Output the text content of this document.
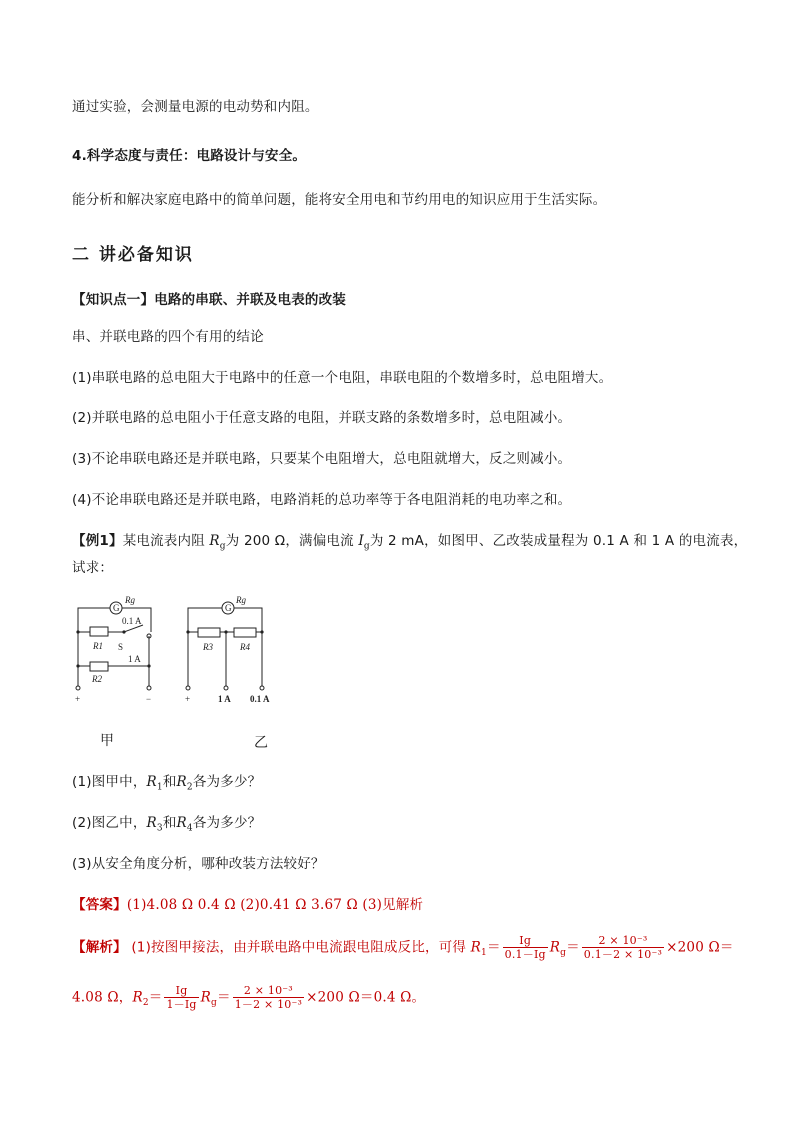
通过实验，会测量电源的电动势和内阻。
4.科学态度与责任：电路设计与安全。
能分析和解决家庭电路中的简单问题，能将安全用电和节约用电的知识应用于生活实际。
二 讲必备知识
【知识点一】电路的串联、并联及电表的改装
串、并联电路的四个有用的结论
(1)串联电路的总电阻大于电路中的任意一个电阻，串联电阻的个数增多时，总电阻增大。
(2)并联电路的总电阻小于任意支路的电阻，并联支路的条数增多时，总电阻减小。
(3)不论串联电路还是并联电路，只要某个电阻增大，总电阻就增大，反之则减小。
(4)不论串联电路还是并联电路，电路消耗的总功率等于各电阻消耗的电功率之和。
【例1】某电流表内阻 $R_g$为 200 Ω，满偏电流 $I_g$为 2 mA，如图甲、乙改装成量程为 0.1 A 和 1 A 的电流表，
试求：
G
Rg
R1
R2
0.1 A
S
1 A
+	−
G
Rg
R3	R4
+	1 A 0.1 A
甲	乙
(1)图甲中，$R_1$和$R_2$各为多少？
(2)图乙中，$R_3$和$R_4$各为多少？
(3)从安全角度分析，哪种改装方法较好？
【答案】(1)4.08 Ω 0.4 Ω (2)0.41 Ω 3.67 Ω (3)见解析
【解析】 (1)按图甲接法，由并联电路中电流跟电阻成反比，可得 $R_1= \frac{Ig}{0.1-Ig} R_g= \frac{\text{2 × 10⁻³}}{\text{0.1－2 × 10⁻³}} \times 200$ Ω＝
4.08 Ω，$R_2= \frac{Ig}{1-Ig} R_g= \frac{\text{2 × 10⁻³}}{\text{1－2 × 10⁻³}} \times 200$ Ω＝0.4 Ω。
